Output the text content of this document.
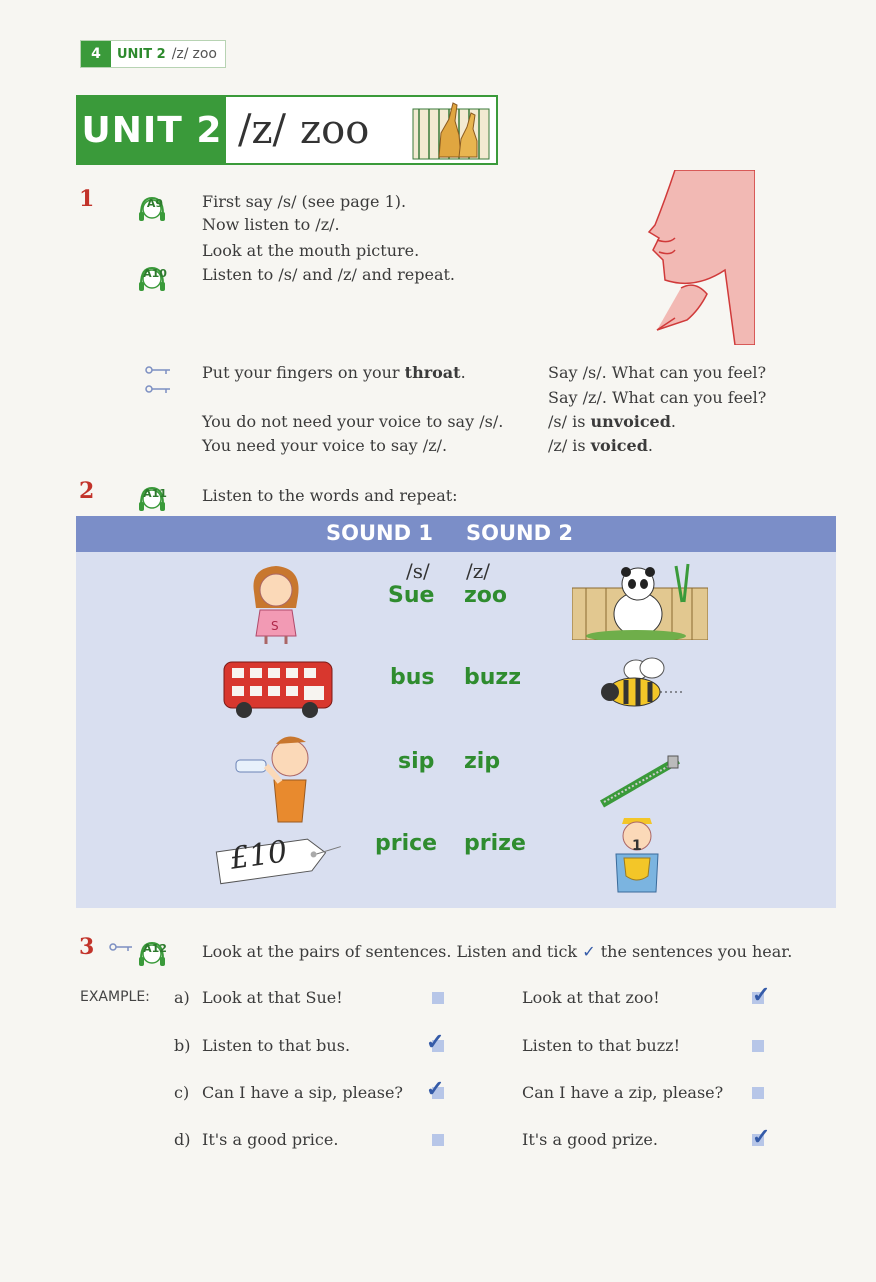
4	UNIT 2 /z/ zoo
UNIT 2 /z/ zoo
1	A9
A10
First say /s/ (see page 1).
Now listen to /z/.
Look at the mouth picture.
Listen to /s/ and /z/ and repeat.
Put your fingers on your throat.
You do not need your voice to say /s/.
You need your voice to say /z/.
Say /s/. What can you feel?
Say /z/. What can you feel?
/s/ is unvoiced.
/z/ is voiced.
2	A11 Listen to the words and repeat:
SOUND 1 SOUND 2
/s/ /z/
Sue zoo
bus buzz
sip zip
price prize
S
£10	1
3	A12 Look at the pairs of sentences. Listen and tick ✓ the sentences you hear.
EXAMPLE: a) Look at that Sue!	Look at that zoo!	✓
b) Listen to that bus.	✓	Listen to that buzz!
c) Can I have a sip, please? ✓	Can I have a zip, please?
d) It's a good price.	It's a good prize.	✓
